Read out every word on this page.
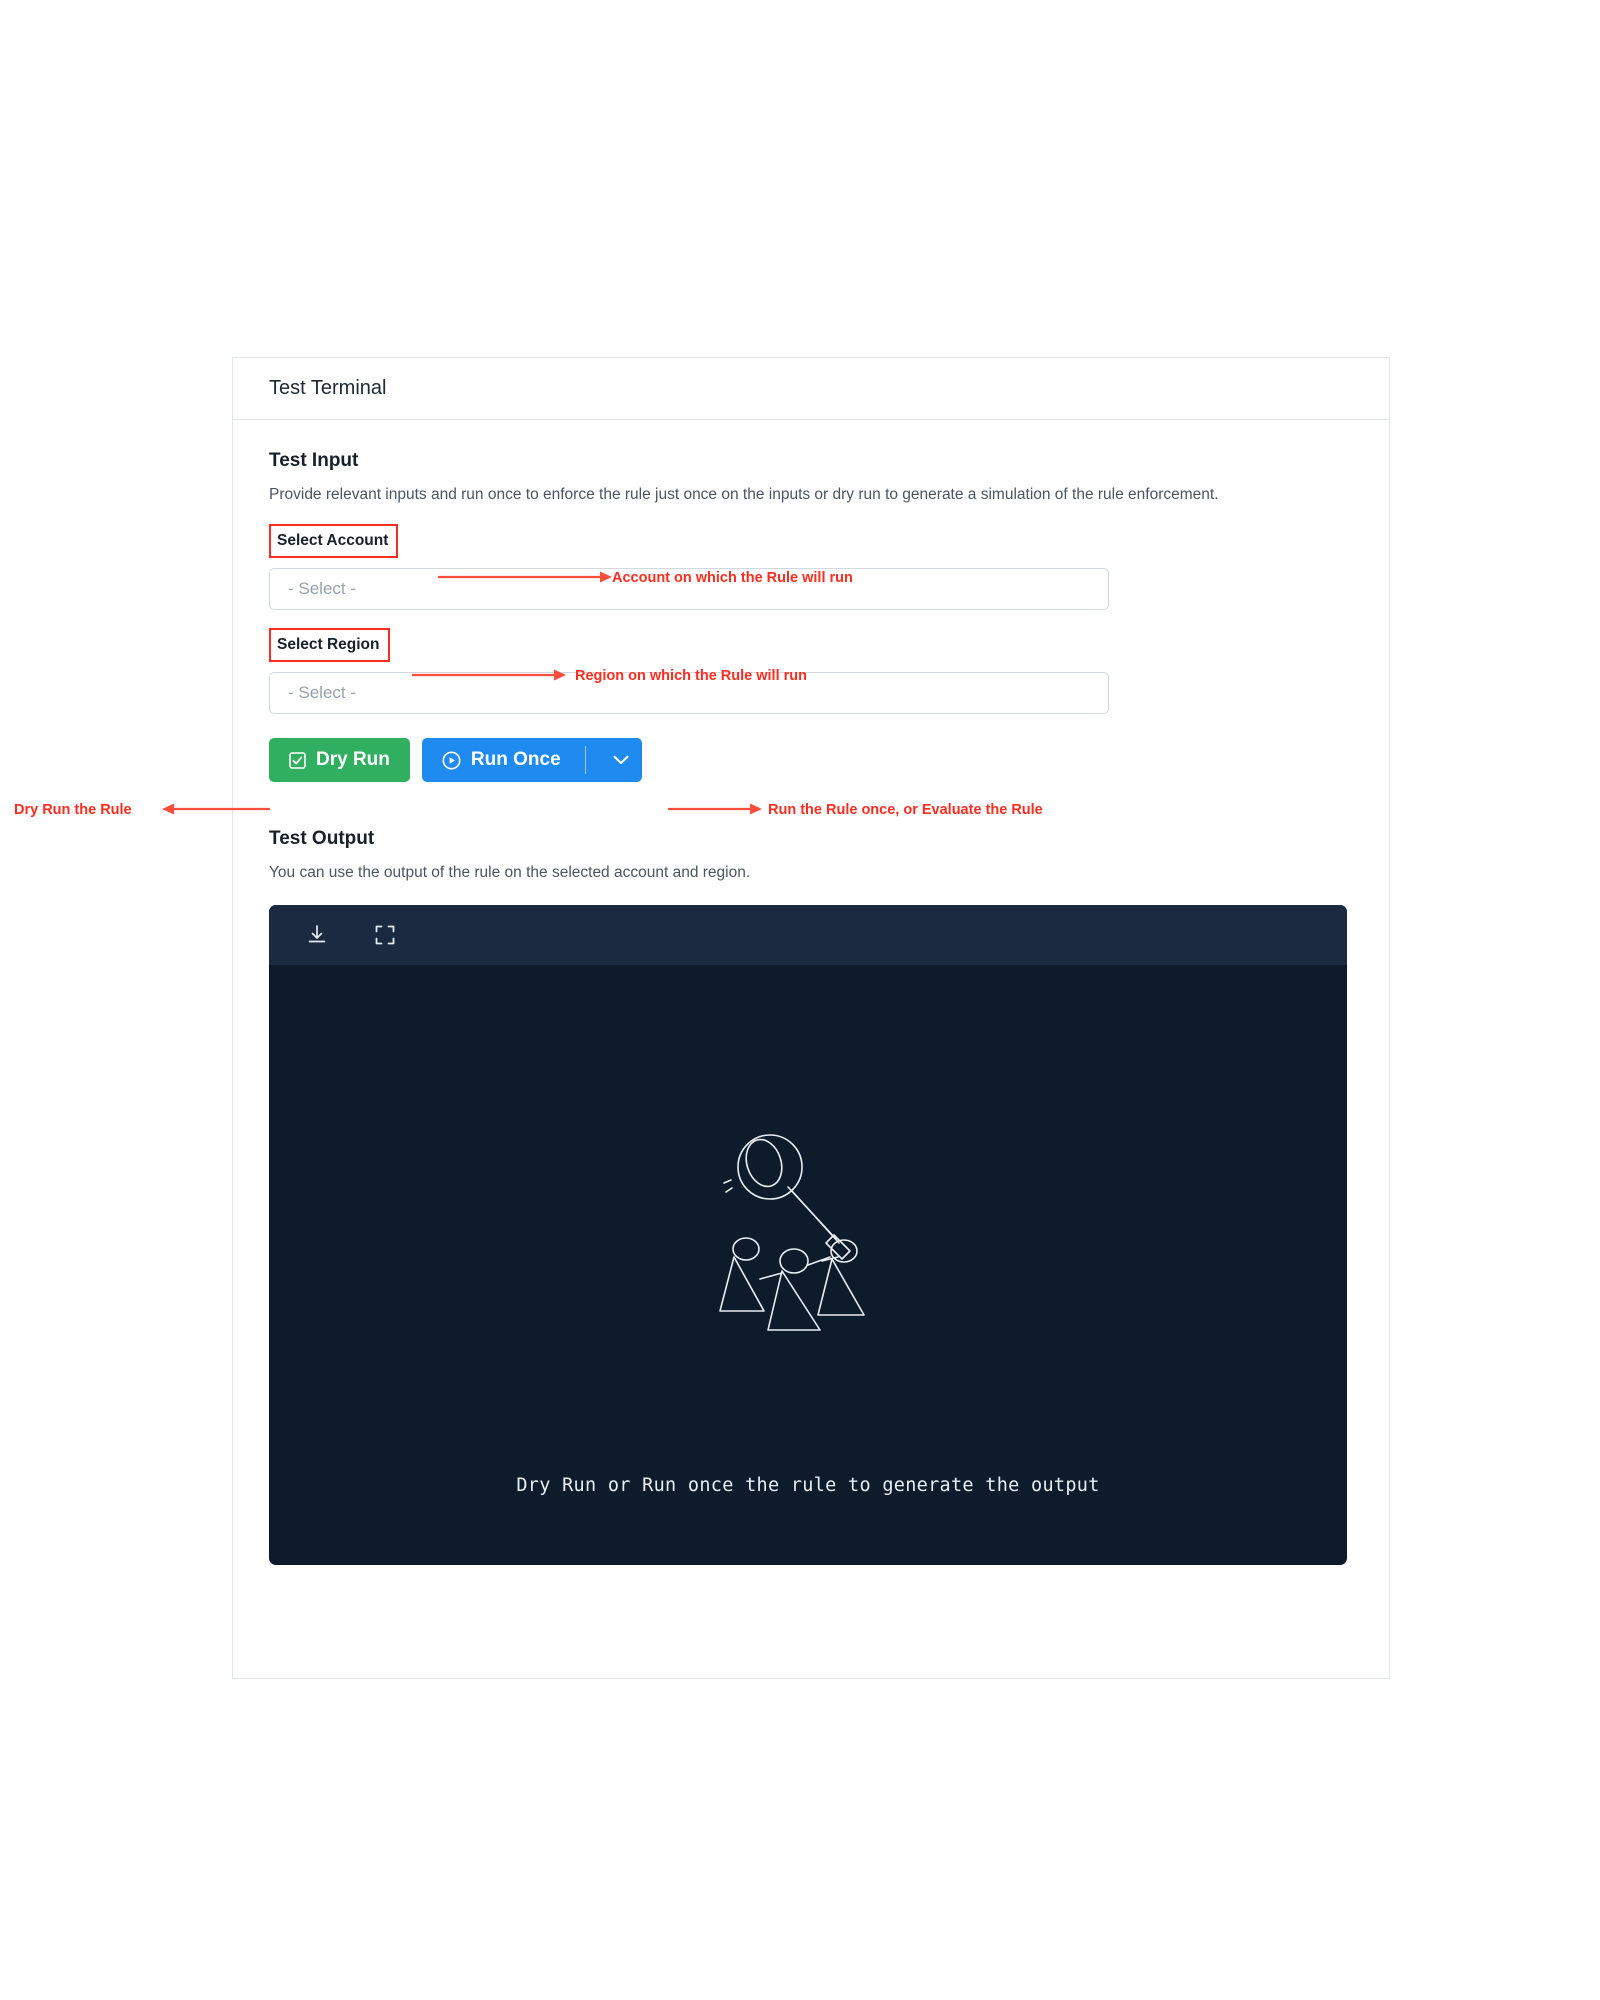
Test Terminal
Test Input

Provide relevant inputs and run once to enforce the rule just once on the inputs or dry run to generate a simulation of the rule enforcement.

Select Account
- Select -
Select Region
- Select -
Dry Run	Run Once
Test Output

You can use the output of the rule on the selected account and region.

Dry Run or Run once the rule to generate the output
Account on which the Rule will run
Region on which the Rule will run
Dry Run the Rule	Run the Rule once, or Evaluate the Rule
